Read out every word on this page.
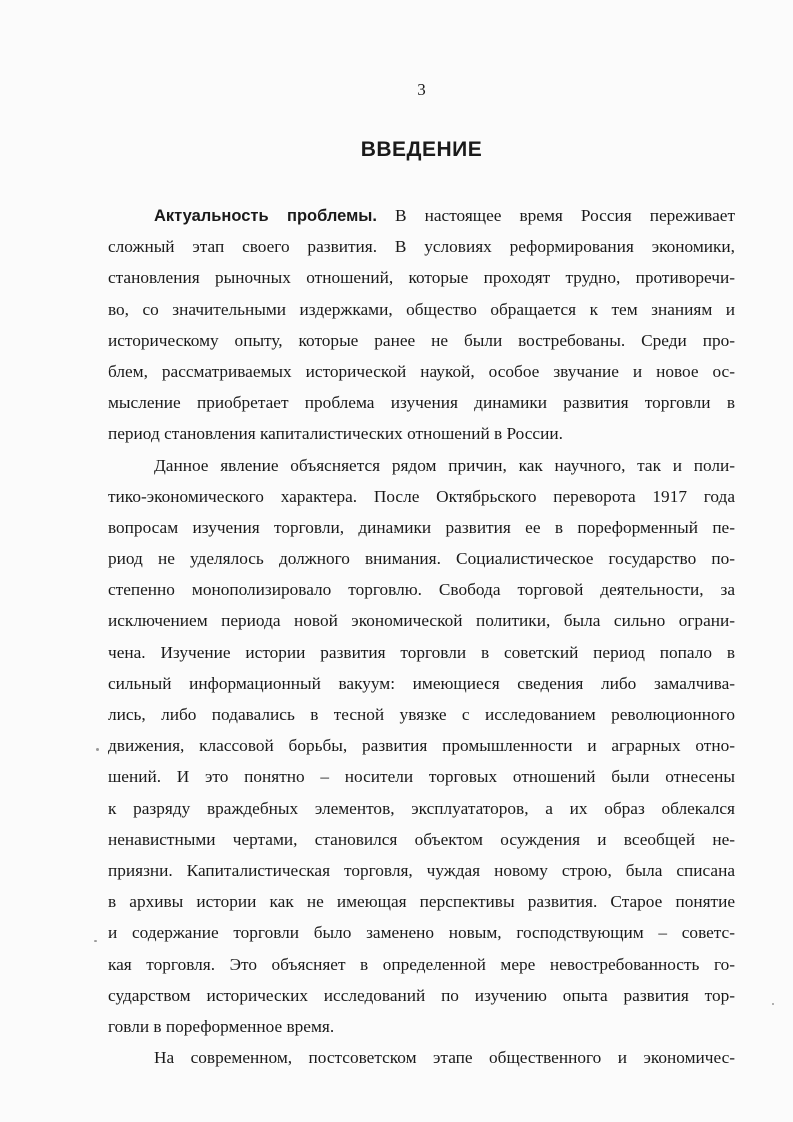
3
ВВЕДЕНИЕ
Актуальность проблемы. В настоящее время Россия переживает
сложный этап своего развития. В условиях реформирования экономики,
становления рыночных отношений, которые проходят трудно, противоречи-
во, со значительными издержками, общество обращается к тем знаниям и
историческому опыту, которые ранее не были востребованы. Среди про-
блем, рассматриваемых исторической наукой, особое звучание и новое ос-
мысление приобретает проблема изучения динамики развития торговли в
период становления капиталистических отношений в России.
Данное явление объясняется рядом причин, как научного, так и поли-
тико-экономического характера. После Октябрьского переворота 1917 года
вопросам изучения торговли, динамики развития ее в пореформенный пе-
риод не уделялось должного внимания. Социалистическое государство по-
степенно монополизировало торговлю. Свобода торговой деятельности, за
исключением периода новой экономической политики, была сильно ограни-
чена. Изучение истории развития торговли в советский период попало в
сильный информационный вакуум: имеющиеся сведения либо замалчива-
лись, либо подавались в тесной увязке с исследованием революционного
движения, классовой борьбы, развития промышленности и аграрных отно-
шений. И это понятно – носители торговых отношений были отнесены
к разряду враждебных элементов, эксплуататоров, а их образ облекался
ненавистными чертами, становился объектом осуждения и всеобщей не-
приязни. Капиталистическая торговля, чуждая новому строю, была списана
в архивы истории как не имеющая перспективы развития. Старое понятие
и содержание торговли было заменено новым, господствующим – советс-
кая торговля. Это объясняет в определенной мере невостребованность го-
сударством исторических исследований по изучению опыта развития тор-
говли в пореформенное время.
На современном, постсоветском этапе общественного и экономичес-
